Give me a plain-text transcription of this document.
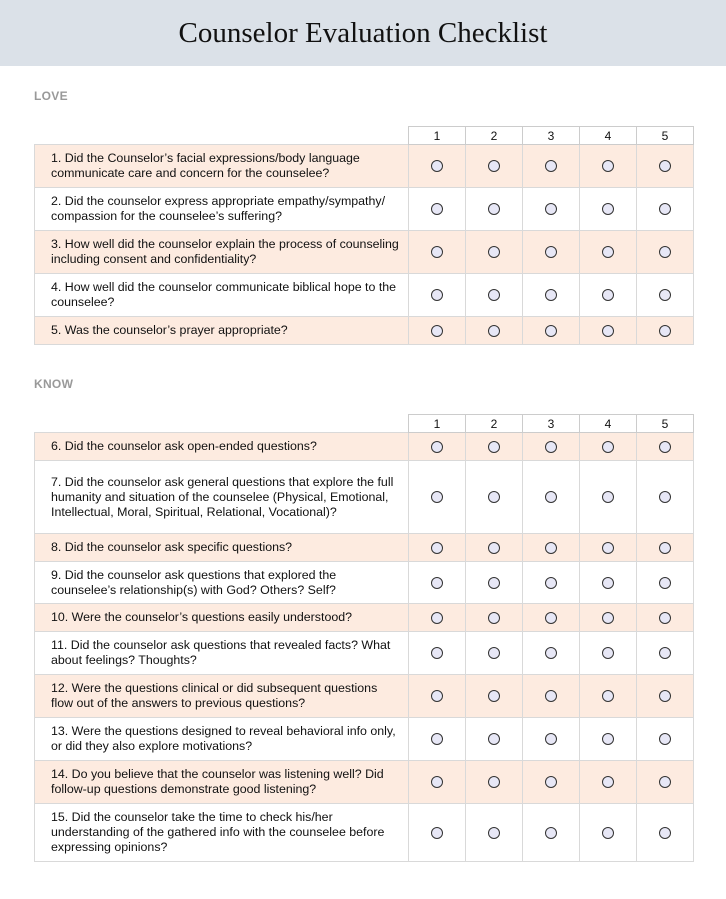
Counselor Evaluation Checklist
LOVE
	1	2	3	4	5
1. Did the Counselor’s facial expressions/body language communicate care and concern for the counselee?					
2. Did the counselor express appropriate empathy/sympathy/ compassion for the counselee’s suffering?					
3. How well did the counselor explain the process of counseling including consent and confidentiality?					
4. How well did the counselor communicate biblical hope to the counselee?					
5. Was the counselor’s prayer appropriate?					
KNOW
	1	2	3	4	5
6. Did the counselor ask open-ended questions?					
7. Did the counselor ask general questions that explore the full humanity and situation of the counselee (Physical, Emotional, Intellectual, Moral, Spiritual, Relational, Vocational)?					
8. Did the counselor ask specific questions?					
9. Did the counselor ask questions that explored the counselee’s relationship(s) with God? Others? Self?					
10. Were the counselor’s questions easily understood?					
11. Did the counselor ask questions that revealed facts? What about feelings? Thoughts?					
12. Were the questions clinical or did subsequent questions flow out of the answers to previous questions?					
13. Were the questions designed to reveal behavioral info only, or did they also explore motivations?					
14. Do you believe that the counselor was listening well? Did follow-up questions demonstrate good listening?					
15. Did the counselor take the time to check his/her understanding of the gathered info with the counselee before expressing opinions?					
